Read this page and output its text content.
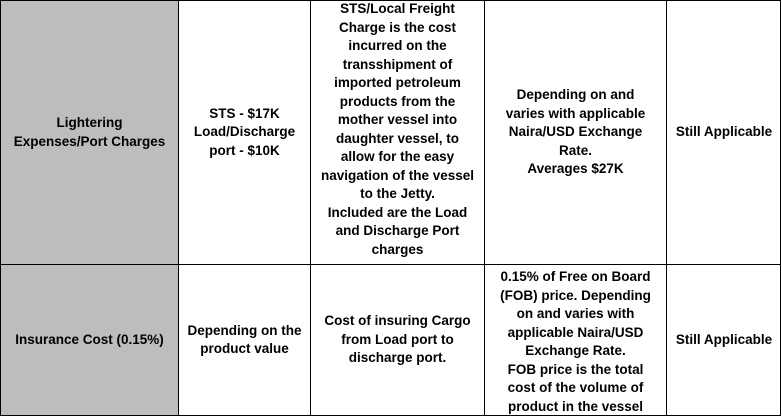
Lightering
Expenses/Port Charges
STS - $17K
Load/Discharge
port - $10K
STS/Local Freight
Charge is the cost
incurred on the
transshipment of
imported petroleum
products from the
mother vessel into
daughter vessel, to
allow for the easy
navigation of the vessel
to the Jetty.
Included are the Load
and Discharge Port
charges
Depending on and
varies with applicable
Naira/USD Exchange
Rate.
Averages $27K
Still Applicable
Insurance Cost (0.15%)
Depending on the
product value
Cost of insuring Cargo
from Load port to
discharge port.
0.15% of Free on Board
(FOB) price. Depending
on and varies with
applicable Naira/USD
Exchange Rate.
FOB price is the total
cost of the volume of
product in the vessel
Still Applicable
